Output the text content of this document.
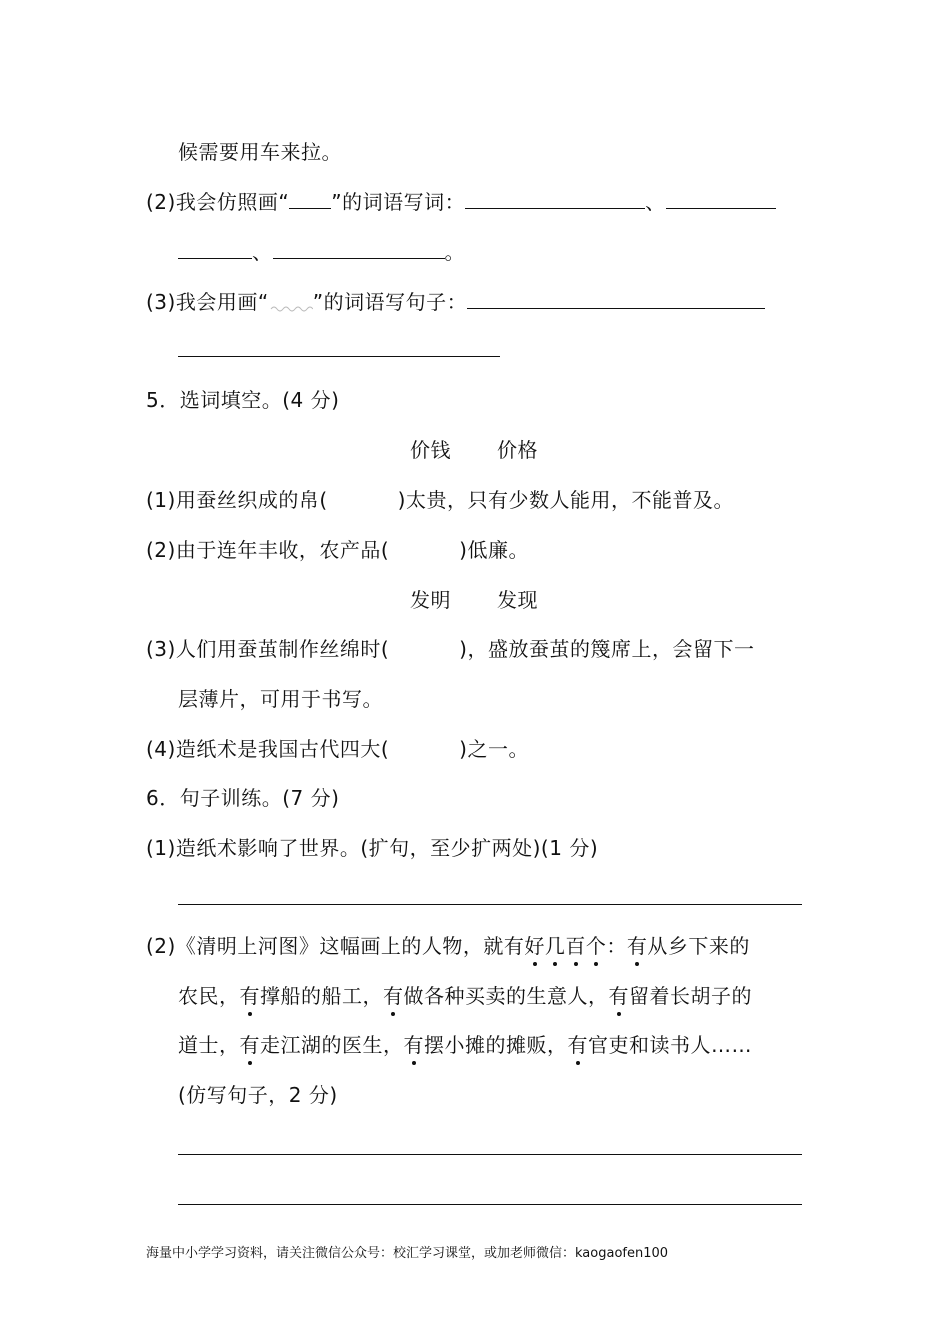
候需要用车来拉。
(2)我会仿照画“ ”的词语写词：	、
、	。
(3)我会用画“ ”的词语写句子：
5．选词填空。(4 分)
价钱 价格
(1)用蚕丝织成的帛(	)太贵，只有少数人能用，不能普及。
(2)由于连年丰收，农产品(	)低廉。
发明 发现
(3)人们用蚕茧制作丝绵时(	)，盛放蚕茧的篾席上，会留下一
层薄片，可用于书写。
(4)造纸术是我国古代四大(	)之一。
6．句子训练。(7 分)
(1)造纸术影响了世界。(扩句，至少扩两处)(1 分)
(2)《清明上河图》这幅画上的人物，就有好几百个：有从乡下来的
农民，有撑船的船工，有做各种买卖的生意人，有留着长胡子的
道士，有走江湖的医生，有摆小摊的摊贩，有官吏和读书人……
(仿写句子，2 分)
海量中小学学习资料，请关注微信公众号：校汇学习课堂，或加老师微信：kaogaofen100
